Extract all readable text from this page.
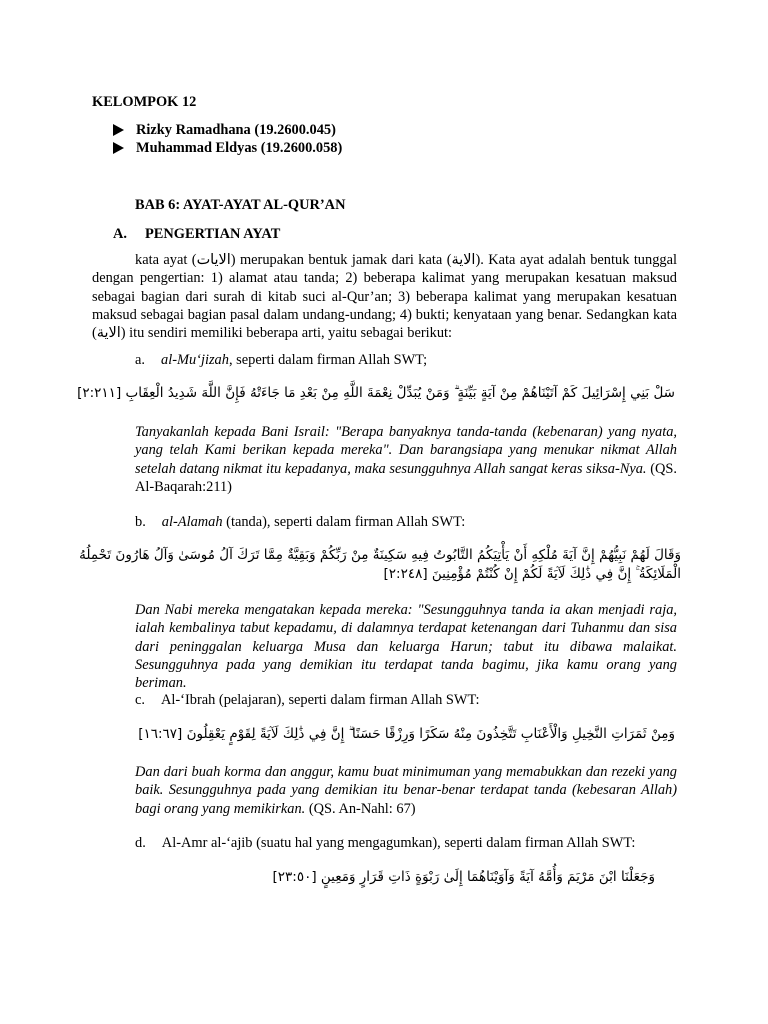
KELOMPOK 12
Rizky Ramadhana (19.2600.045)
Muhammad Eldyas (19.2600.058)
BAB 6: AYAT-AYAT AL-QUR’AN
A. PENGERTIAN AYAT
kata ayat (الايات) merupakan bentuk jamak dari kata (الاية). Kata ayat adalah bentuk tunggal dengan pengertian: 1) alamat atau tanda; 2) beberapa kalimat yang merupakan kesatuan maksud sebagai bagian dari surah di kitab suci al-Qur’an; 3) beberapa kalimat yang merupakan kesatuan maksud sebagai bagian pasal dalam undang-undang; 4) bukti; kenyataan yang benar. Sedangkan kata (الاية) itu sendiri memiliki beberapa arti, yaitu sebagai berikut:
a. al-Mu‘jizah, seperti dalam firman Allah SWT;
سَلْ بَنِي إِسْرَائِيلَ كَمْ آتَيْنَاهُمْ مِنْ آيَةٍ بَيِّنَةٍ ۗ وَمَنْ يُبَدِّلْ نِعْمَةَ اللَّهِ مِنْ بَعْدِ مَا جَاءَتْهُ فَإِنَّ اللَّهَ شَدِيدُ الْعِقَابِ [٢:٢١١]
Tanyakanlah kepada Bani Israil: "Berapa banyaknya tanda-tanda (kebenaran) yang nyata, yang telah Kami berikan kepada mereka". Dan barangsiapa yang menukar nikmat Allah setelah datang nikmat itu kepadanya, maka sesungguhnya Allah sangat keras siksa-Nya. (QS. Al-Baqarah:211)
b. al-Alamah (tanda), seperti dalam firman Allah SWT:
وَقَالَ لَهُمْ نَبِيُّهُمْ إِنَّ آيَةَ مُلْكِهِ أَنْ يَأْتِيَكُمُ التَّابُوتُ فِيهِ سَكِينَةٌ مِنْ رَبِّكُمْ وَبَقِيَّةٌ مِمَّا تَرَكَ آلُ مُوسَىٰ وَآلُ هَارُونَ تَحْمِلُهُ
الْمَلَائِكَةُ ۚ إِنَّ فِي ذَٰلِكَ لَآيَةً لَكُمْ إِنْ كُنْتُمْ مُؤْمِنِينَ [٢:٢٤٨]
Dan Nabi mereka mengatakan kepada mereka: "Sesungguhnya tanda ia akan menjadi raja, ialah kembalinya tabut kepadamu, di dalamnya terdapat ketenangan dari Tuhanmu dan sisa dari peninggalan keluarga Musa dan keluarga Harun; tabut itu dibawa malaikat. Sesungguhnya pada yang demikian itu terdapat tanda bagimu, jika kamu orang yang beriman.
c. Al-‘Ibrah (pelajaran), seperti dalam firman Allah SWT:
وَمِنْ ثَمَرَاتِ النَّخِيلِ وَالْأَعْنَابِ تَتَّخِذُونَ مِنْهُ سَكَرًا وَرِزْقًا حَسَنًا ۗ إِنَّ فِي ذَٰلِكَ لَآيَةً لِقَوْمٍ يَعْقِلُونَ [١٦:٦٧]
Dan dari buah korma dan anggur, kamu buat minimuman yang memabukkan dan rezeki yang baik. Sesungguhnya pada yang demikian itu benar-benar terdapat tanda (kebesaran Allah) bagi orang yang memikirkan. (QS. An-Nahl: 67)
d. Al-Amr al-‘ajib (suatu hal yang mengagumkan), seperti dalam firman Allah SWT:
وَجَعَلْنَا ابْنَ مَرْيَمَ وَأُمَّهُ آيَةً وَآوَيْنَاهُمَا إِلَىٰ رَبْوَةٍ ذَاتِ قَرَارٍ وَمَعِينٍ [٢٣:٥٠]
